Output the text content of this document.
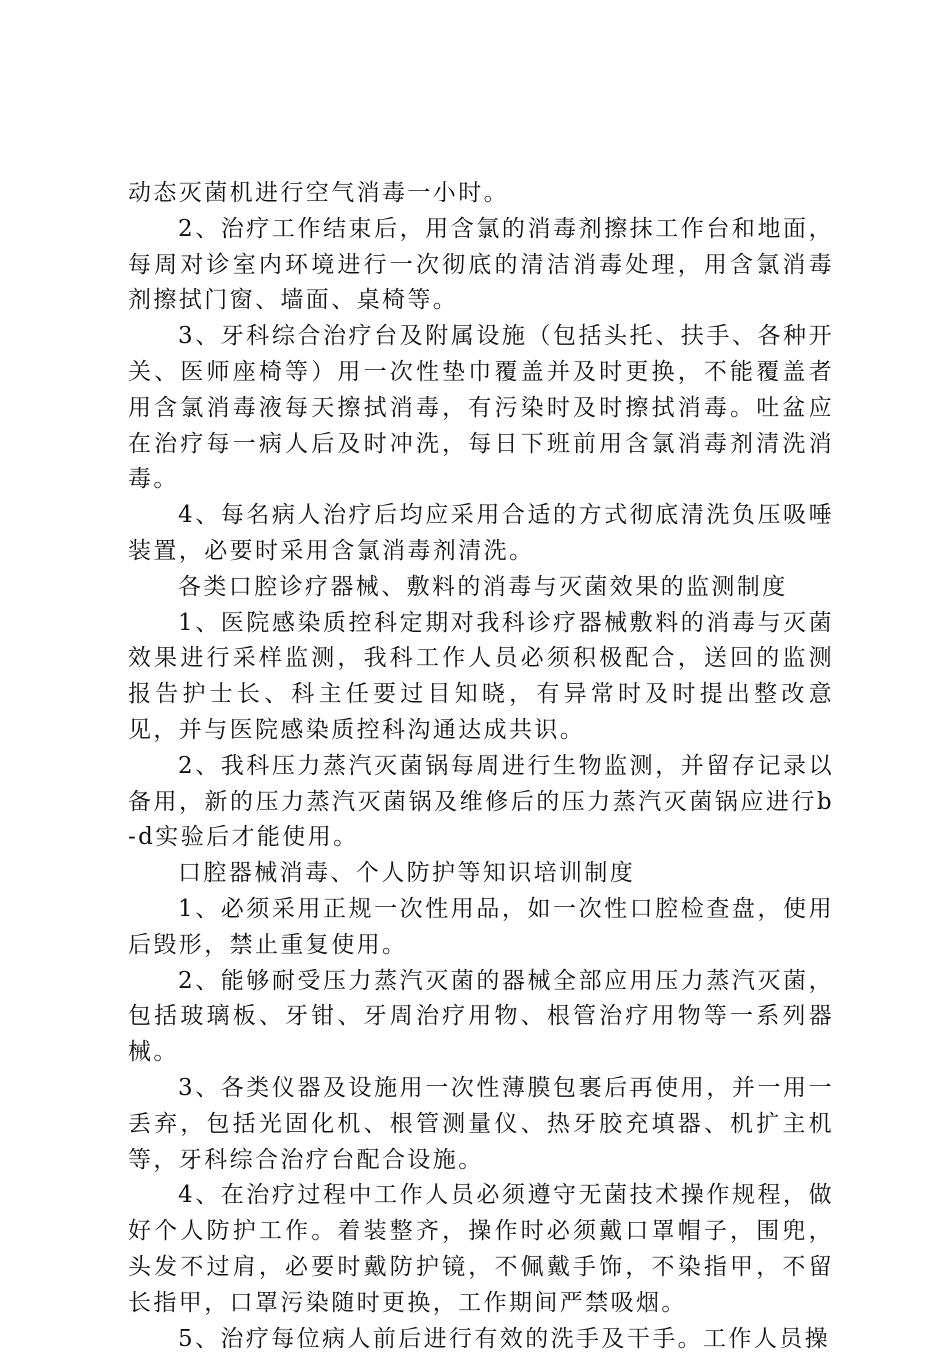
动态灭菌机进行空气消毒一小时。

2、治疗工作结束后，用含氯的消毒剂擦抹工作台和地面，每周对诊室内环境进行一次彻底的清洁消毒处理，用含氯消毒剂擦拭门窗、墙面、桌椅等。

3、牙科综合治疗台及附属设施（包括头托、扶手、各种开关、医师座椅等）用一次性垫巾覆盖并及时更换，不能覆盖者用含氯消毒液每天擦拭消毒，有污染时及时擦拭消毒。吐盆应在治疗每一病人后及时冲洗，每日下班前用含氯消毒剂清洗消毒。

4、每名病人治疗后均应采用合适的方式彻底清洗负压吸唾装置，必要时采用含氯消毒剂清洗。

各类口腔诊疗器械、敷料的消毒与灭菌效果的监测制度

1、医院感染质控科定期对我科诊疗器械敷料的消毒与灭菌效果进行采样监测，我科工作人员必须积极配合，送回的监测报告护士长、科主任要过目知晓，有异常时及时提出整改意见，并与医院感染质控科沟通达成共识。

2、我科压力蒸汽灭菌锅每周进行生物监测，并留存记录以备用，新的压力蒸汽灭菌锅及维修后的压力蒸汽灭菌锅应进行b-d实验后才能使用。

口腔器械消毒、个人防护等知识培训制度

1、必须采用正规一次性用品，如一次性口腔检查盘，使用后毁形，禁止重复使用。

2、能够耐受压力蒸汽灭菌的器械全部应用压力蒸汽灭菌，包括玻璃板、牙钳、牙周治疗用物、根管治疗用物等一系列器械。

3、各类仪器及设施用一次性薄膜包裹后再使用，并一用一丢弃，包括光固化机、根管测量仪、热牙胶充填器、机扩主机等，牙科综合治疗台配合设施。

4、在治疗过程中工作人员必须遵守无菌技术操作规程，做好个人防护工作。着装整齐，操作时必须戴口罩帽子，围兜，头发不过肩，必要时戴防护镜，不佩戴手饰，不染指甲，不留长指甲，口罩污染随时更换，工作期间严禁吸烟。

5、治疗每位病人前后进行有效的洗手及干手。工作人员操
